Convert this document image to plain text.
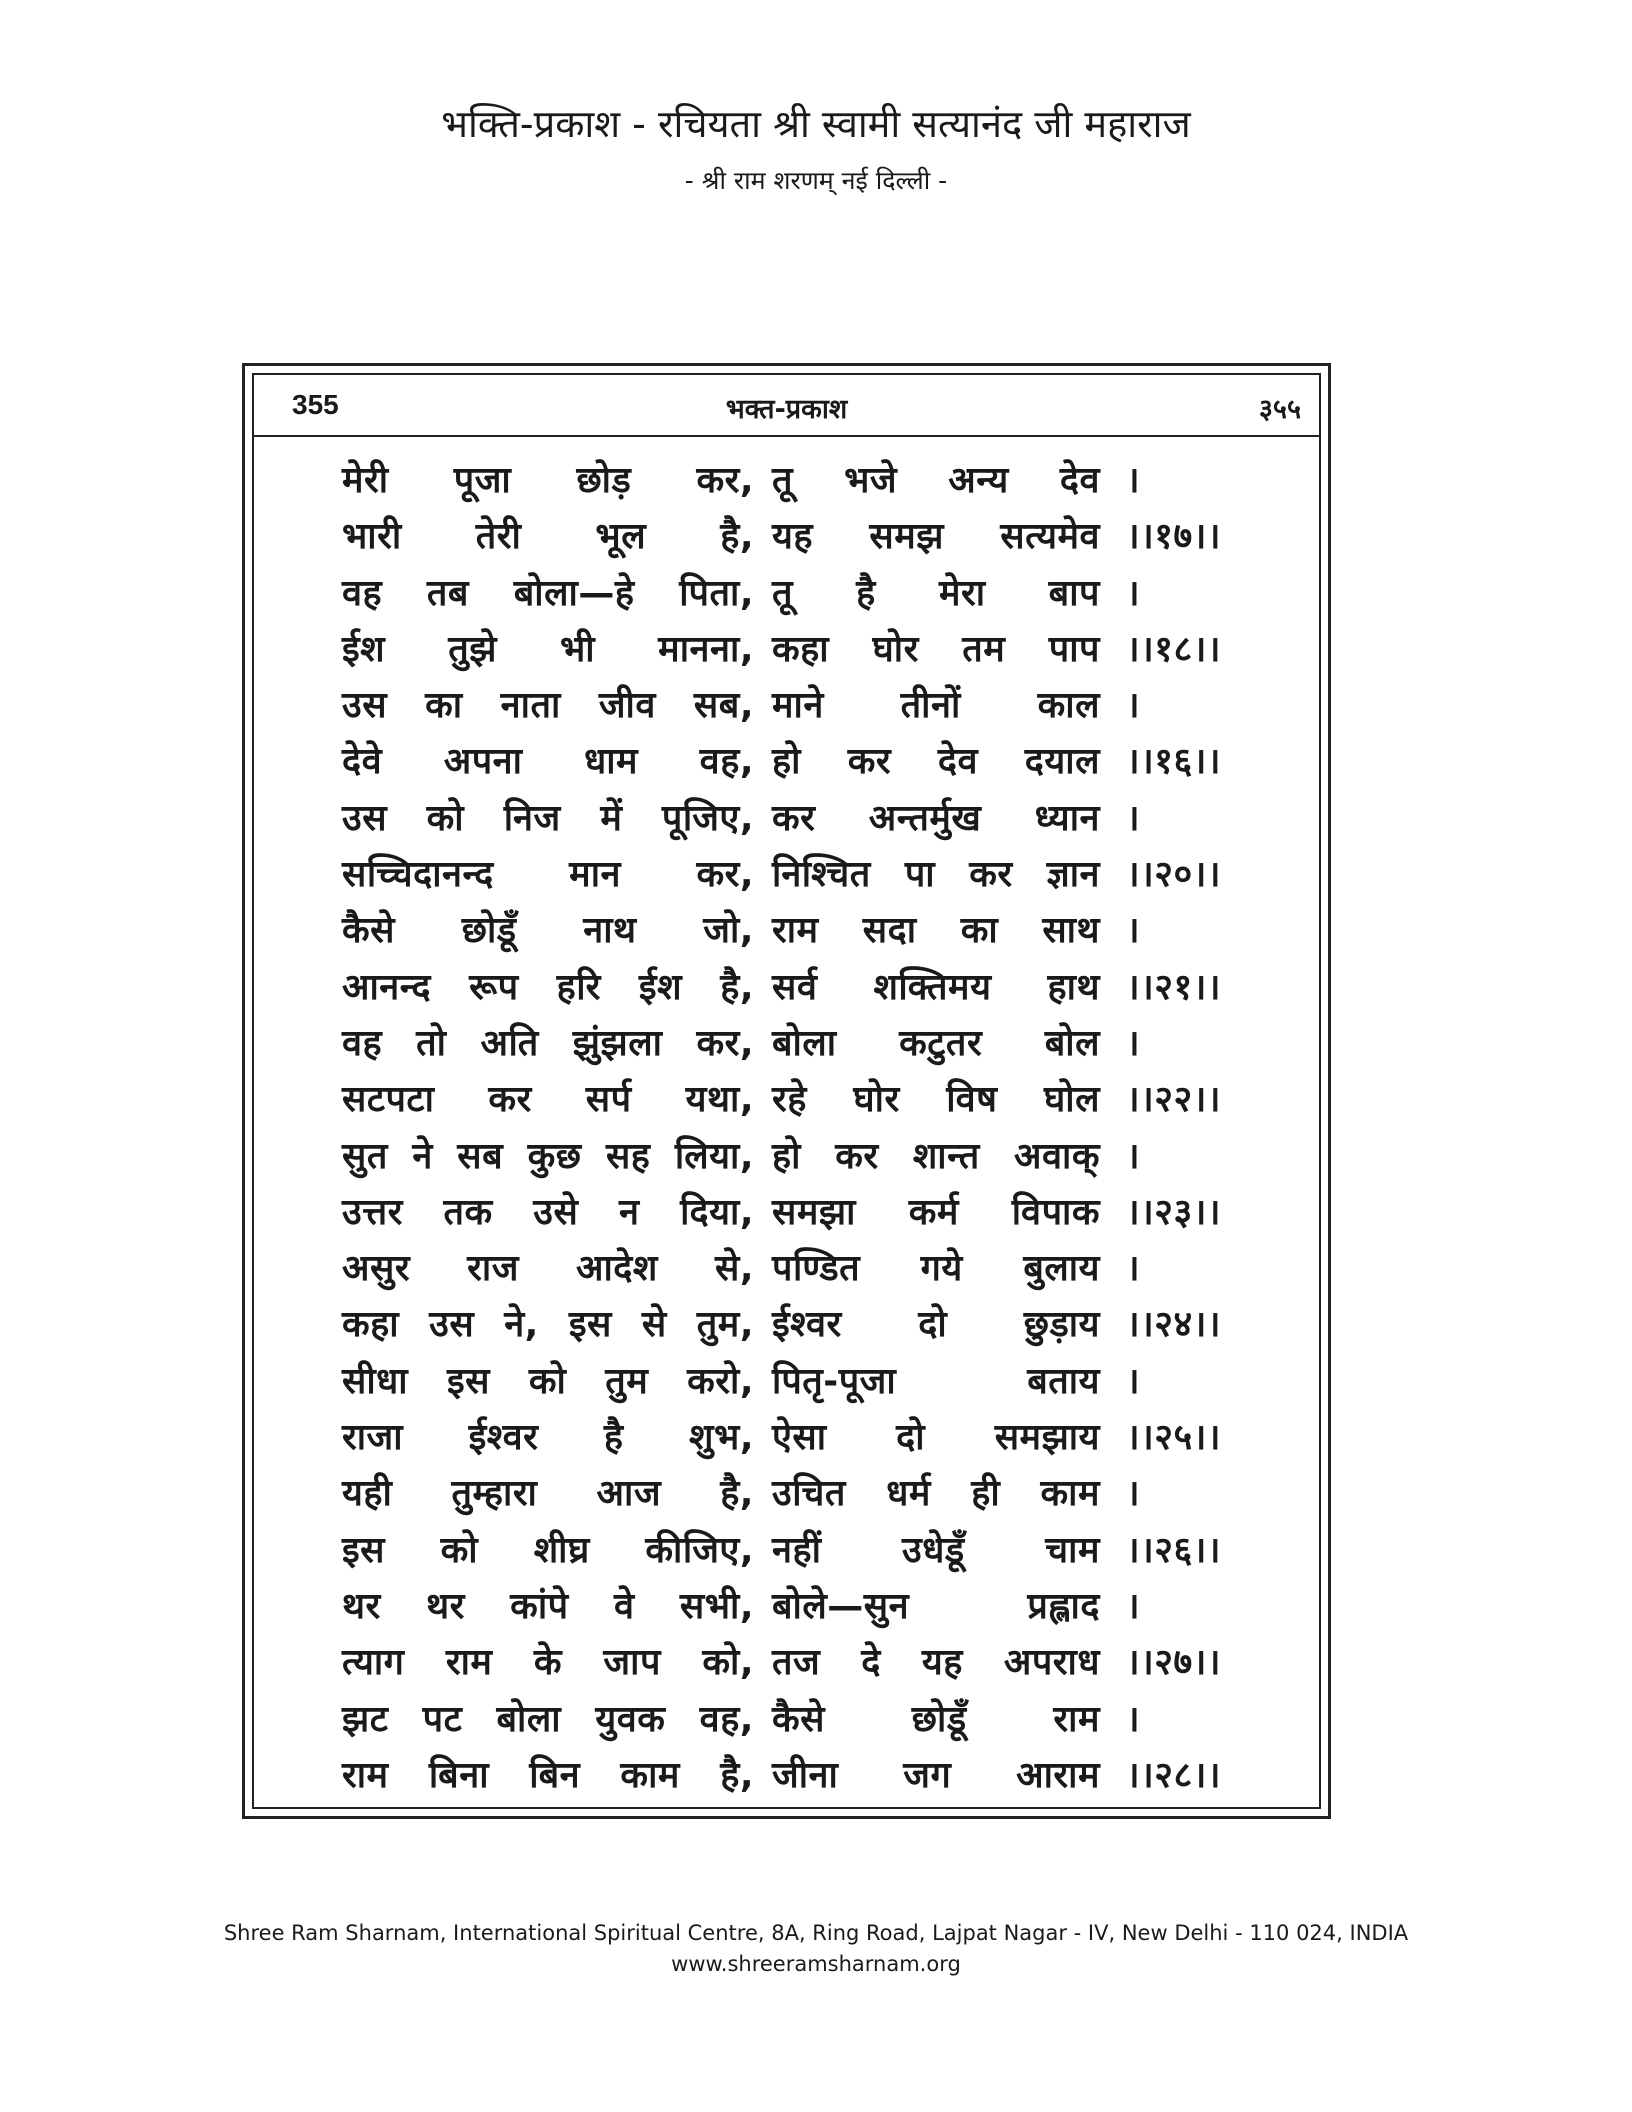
भक्ति-प्रकाश - रचियता श्री स्वामी सत्यानंद जी महाराज
- श्री राम शरणम् नई दिल्ली -
355	भक्त-प्रकाश	३५५
मेरी पूजा छोड़ कर, तू भजे अन्य देव ।
भारी तेरी भूल है, यह समझ सत्यमेव ।।१७।।
वह तब बोला—हे पिता, तू है मेरा बाप ।
ईश तुझे भी मानना, कहा घोर तम पाप ।।१८।।
उस का नाता जीव सब, माने तीनों काल ।
देवे अपना धाम वह, हो कर देव दयाल ।।१६।।
उस को निज में पूजिए, कर अन्तर्मुख ध्यान ।
सच्चिदानन्द मान कर, निश्चित पा कर ज्ञान ।।२०।।
कैसे छोडूँ नाथ जो, राम सदा का साथ ।
आनन्द रूप हरि ईश है, सर्व शक्तिमय हाथ ।।२१।।
वह तो अति झुंझला कर, बोला कटुतर बोल ।
सटपटा कर सर्प यथा, रहे घोर विष घोल ।।२२।।
सुत ने सब कुछ सह लिया, हो कर शान्त अवाक् ।
उत्तर तक उसे न दिया, समझा कर्म विपाक ।।२३।।
असुर राज आदेश से, पण्डित गये बुलाय ।
कहा उस ने, इस से तुम, ईश्वर दो छुड़ाय ।।२४।।
सीधा इस को तुम करो, पितृ-पूजा बताय ।
राजा ईश्वर है शुभ, ऐसा दो समझाय ।।२५।।
यही तुम्हारा आज है, उचित धर्म ही काम ।
इस को शीघ्र कीजिए, नहीं उधेडूँ चाम ।।२६।।
थर थर कांपे वे सभी, बोले—सुन प्रह्लाद ।
त्याग राम के जाप को, तज दे यह अपराध ।।२७।।
झट पट बोला युवक वह, कैसे छोडूँ राम ।
राम बिना बिन काम है, जीना जग आराम ।।२८।।
Shree Ram Sharnam, International Spiritual Centre, 8A, Ring Road, Lajpat Nagar - IV, New Delhi - 110 024, INDIA
www.shreeramsharnam.org
